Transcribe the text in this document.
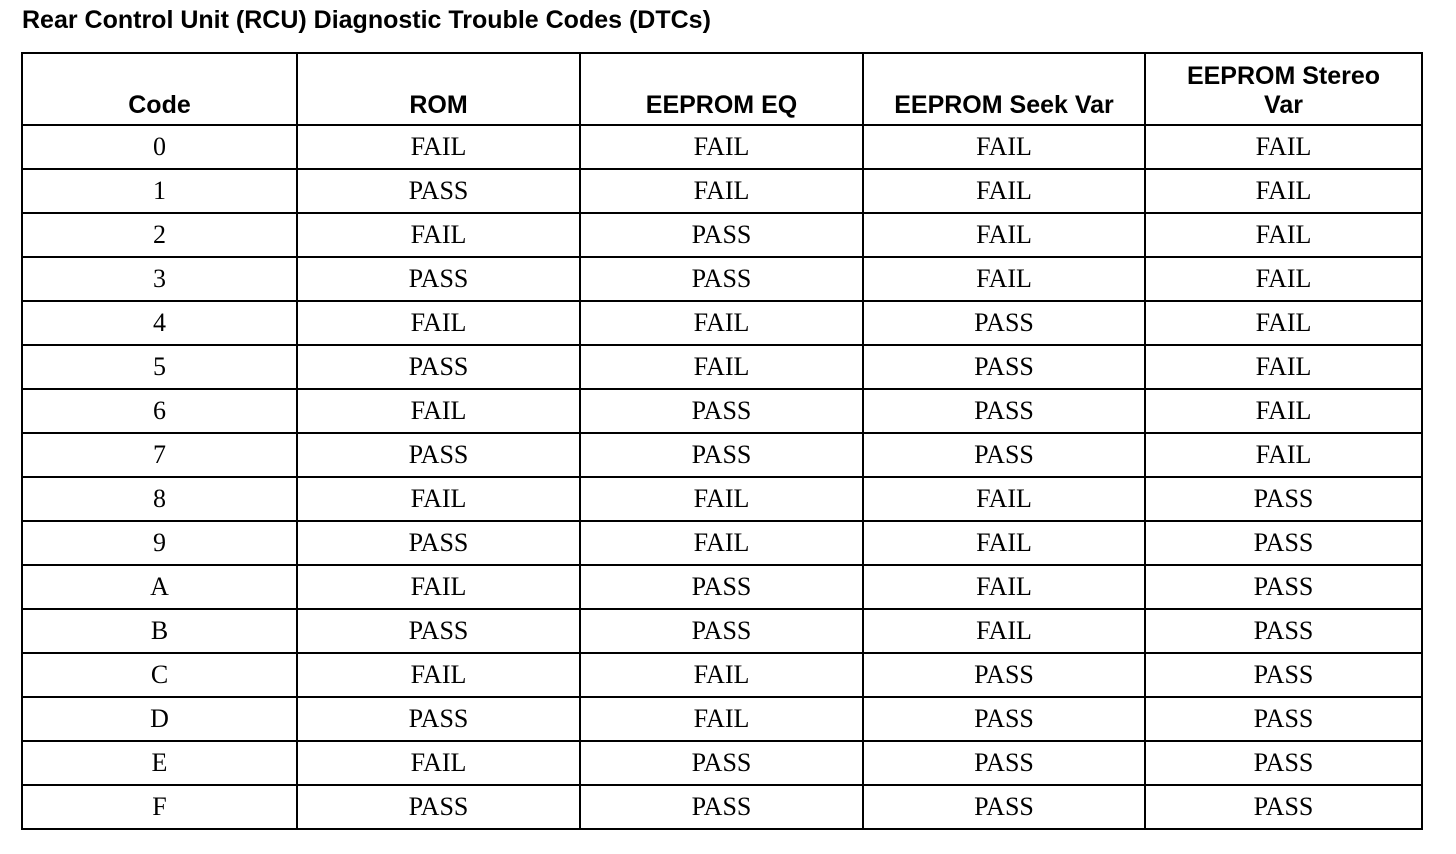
Rear Control Unit (RCU) Diagnostic Trouble Codes (DTCs)
Code	ROM	EEPROM EQ	EEPROM Seek Var	EEPROM Stereo Var
0	FAIL	FAIL	FAIL	FAIL
1	PASS	FAIL	FAIL	FAIL
2	FAIL	PASS	FAIL	FAIL
3	PASS	PASS	FAIL	FAIL
4	FAIL	FAIL	PASS	FAIL
5	PASS	FAIL	PASS	FAIL
6	FAIL	PASS	PASS	FAIL
7	PASS	PASS	PASS	FAIL
8	FAIL	FAIL	FAIL	PASS
9	PASS	FAIL	FAIL	PASS
A	FAIL	PASS	FAIL	PASS
B	PASS	PASS	FAIL	PASS
C	FAIL	FAIL	PASS	PASS
D	PASS	FAIL	PASS	PASS
E	FAIL	PASS	PASS	PASS
F	PASS	PASS	PASS	PASS
